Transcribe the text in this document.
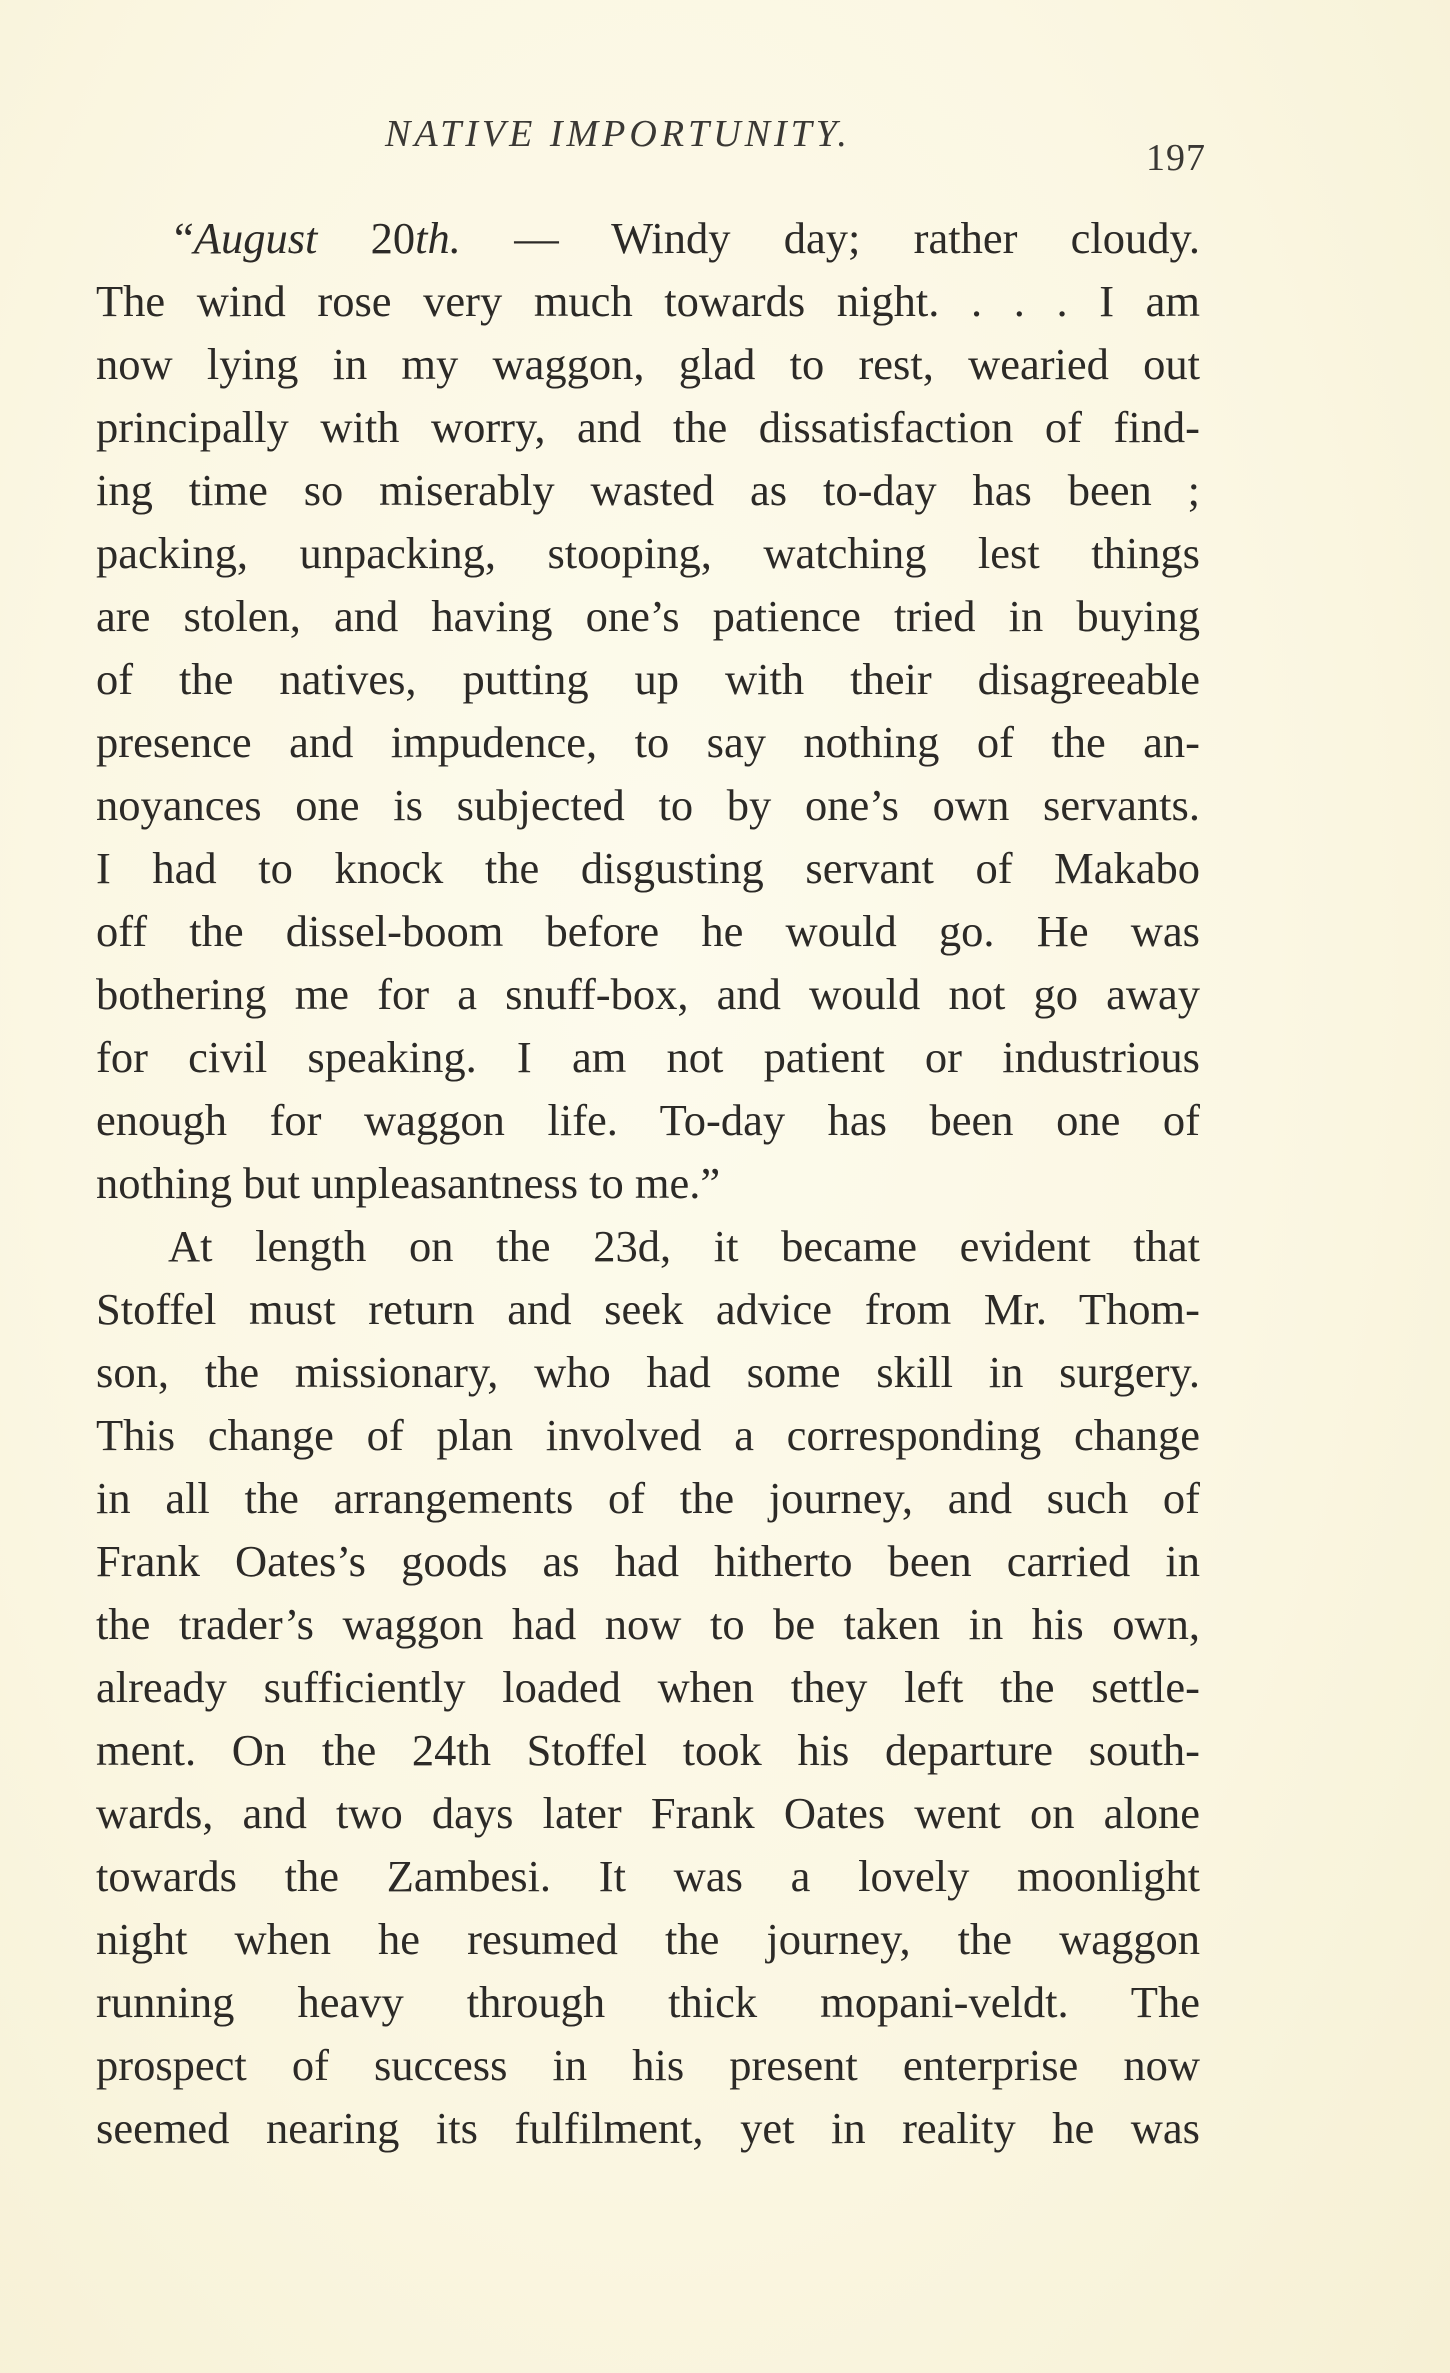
NATIVE IMPORTUNITY.
197
“August 20th. — Windy day; rather cloudy.
The wind rose very much towards night. . . . I am
now lying in my waggon, glad to rest, wearied out
principally with worry, and the dissatisfaction of find-
ing time so miserably wasted as to-day has been ;
packing, unpacking, stooping, watching lest things
are stolen, and having one’s patience tried in buying
of the natives, putting up with their disagreeable
presence and impudence, to say nothing of the an-
noyances one is subjected to by one’s own servants.
I had to knock the disgusting servant of Makabo
off the dissel-boom before he would go. He was
bothering me for a snuff-box, and would not go away
for civil speaking. I am not patient or industrious
enough for waggon life. To-day has been one of
nothing but unpleasantness to me.”
At length on the 23d, it became evident that
Stoffel must return and seek advice from Mr. Thom-
son, the missionary, who had some skill in surgery.
This change of plan involved a corresponding change
in all the arrangements of the journey, and such of
Frank Oates’s goods as had hitherto been carried in
the trader’s waggon had now to be taken in his own,
already sufficiently loaded when they left the settle-
ment. On the 24th Stoffel took his departure south-
wards, and two days later Frank Oates went on alone
towards the Zambesi. It was a lovely moonlight
night when he resumed the journey, the waggon
running heavy through thick mopani-veldt. The
prospect of success in his present enterprise now
seemed nearing its fulfilment, yet in reality he was
